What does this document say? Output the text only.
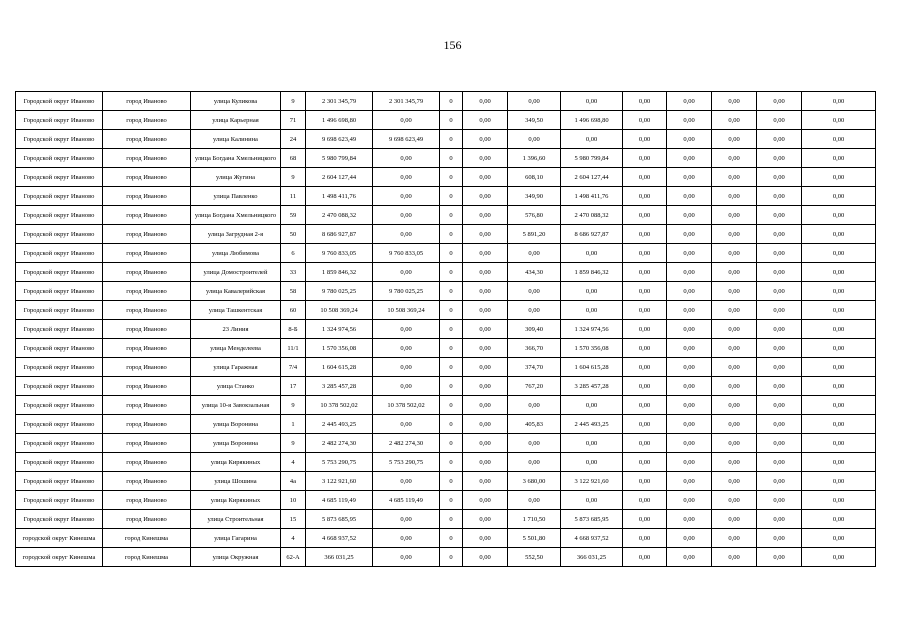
156
Городской округ Иваново	город Иваново	улица Куликова	9	2 301 345,79	2 301 345,79	0	0,00	0,00	0,00	0,00	0,00	0,00	0,00	0,00
Городской округ Иваново	город Иваново	улица Карьерная	71	1 496 698,80	0,00	0	0,00	349,50	1 496 698,80	0,00	0,00	0,00	0,00	0,00
Городской округ Иваново	город Иваново	улица Калинина	24	9 698 623,49	9 698 623,49	0	0,00	0,00	0,00	0,00	0,00	0,00	0,00	0,00
Городской округ Иваново	город Иваново	улица Богдана Хмельницкого	68	5 980 799,84	0,00	0	0,00	1 396,60	5 980 799,84	0,00	0,00	0,00	0,00	0,00
Городской округ Иваново	город Иваново	улица Жугина	9	2 604 127,44	0,00	0	0,00	608,10	2 604 127,44	0,00	0,00	0,00	0,00	0,00
Городской округ Иваново	город Иваново	улица Павленко	11	1 498 411,76	0,00	0	0,00	349,90	1 498 411,76	0,00	0,00	0,00	0,00	0,00
Городской округ Иваново	город Иваново	улица Богдана Хмельницкого	59	2 470 088,32	0,00	0	0,00	576,80	2 470 088,32	0,00	0,00	0,00	0,00	0,00
Городской округ Иваново	город Иваново	улица Загрудная 2-я	50	8 686 927,87	0,00	0	0,00	5 891,20	8 686 927,87	0,00	0,00	0,00	0,00	0,00
Городской округ Иваново	город Иваново	улица Любимова	6	9 760 833,05	9 760 833,05	0	0,00	0,00	0,00	0,00	0,00	0,00	0,00	0,00
Городской округ Иваново	город Иваново	улица Домостроителей	33	1 859 846,32	0,00	0	0,00	434,30	1 859 846,32	0,00	0,00	0,00	0,00	0,00
Городской округ Иваново	город Иваново	улица Кавалерийская	58	9 780 025,25	9 780 025,25	0	0,00	0,00	0,00	0,00	0,00	0,00	0,00	0,00
Городской округ Иваново	город Иваново	улица Ташкентская	60	10 508 369,24	10 508 369,24	0	0,00	0,00	0,00	0,00	0,00	0,00	0,00	0,00
Городской округ Иваново	город Иваново	23 Линия	8-Б	1 324 974,56	0,00	0	0,00	309,40	1 324 974,56	0,00	0,00	0,00	0,00	0,00
Городской округ Иваново	город Иваново	улица Менделеева	11/1	1 570 356,08	0,00	0	0,00	366,70	1 570 356,08	0,00	0,00	0,00	0,00	0,00
Городской округ Иваново	город Иваново	улица Гаражная	7/4	1 604 615,28	0,00	0	0,00	374,70	1 604 615,28	0,00	0,00	0,00	0,00	0,00
Городской округ Иваново	город Иваново	улица Станко	17	3 285 457,28	0,00	0	0,00	767,20	3 285 457,28	0,00	0,00	0,00	0,00	0,00
Городской округ Иваново	город Иваново	улица 10-я Завокзальная	9	10 378 502,02	10 378 502,02	0	0,00	0,00	0,00	0,00	0,00	0,00	0,00	0,00
Городской округ Иваново	город Иваново	улица Воронина	1	2 445 493,25	0,00	0	0,00	405,83	2 445 493,25	0,00	0,00	0,00	0,00	0,00
Городской округ Иваново	город Иваново	улица Воронина	9	2 482 274,30	2 482 274,30	0	0,00	0,00	0,00	0,00	0,00	0,00	0,00	0,00
Городской округ Иваново	город Иваново	улица Кирякиных	4	5 753 290,75	5 753 290,75	0	0,00	0,00	0,00	0,00	0,00	0,00	0,00	0,00
Городской округ Иваново	город Иваново	улица Шошина	4а	3 122 921,60	0,00	0	0,00	3 680,00	3 122 921,60	0,00	0,00	0,00	0,00	0,00
Городской округ Иваново	город Иваново	улица Кирякиных	10	4 685 119,49	4 685 119,49	0	0,00	0,00	0,00	0,00	0,00	0,00	0,00	0,00
Городской округ Иваново	город Иваново	улица Строительная	15	5 873 685,95	0,00	0	0,00	1 710,50	5 873 685,95	0,00	0,00	0,00	0,00	0,00
городской округ Кинешма	город Кинешма	улица Гагарина	4	4 668 937,52	0,00	0	0,00	5 501,80	4 668 937,52	0,00	0,00	0,00	0,00	0,00
городской округ Кинешма	город Кинешма	улица Окружная	62-А	366 031,25	0,00	0	0,00	552,50	366 031,25	0,00	0,00	0,00	0,00	0,00
